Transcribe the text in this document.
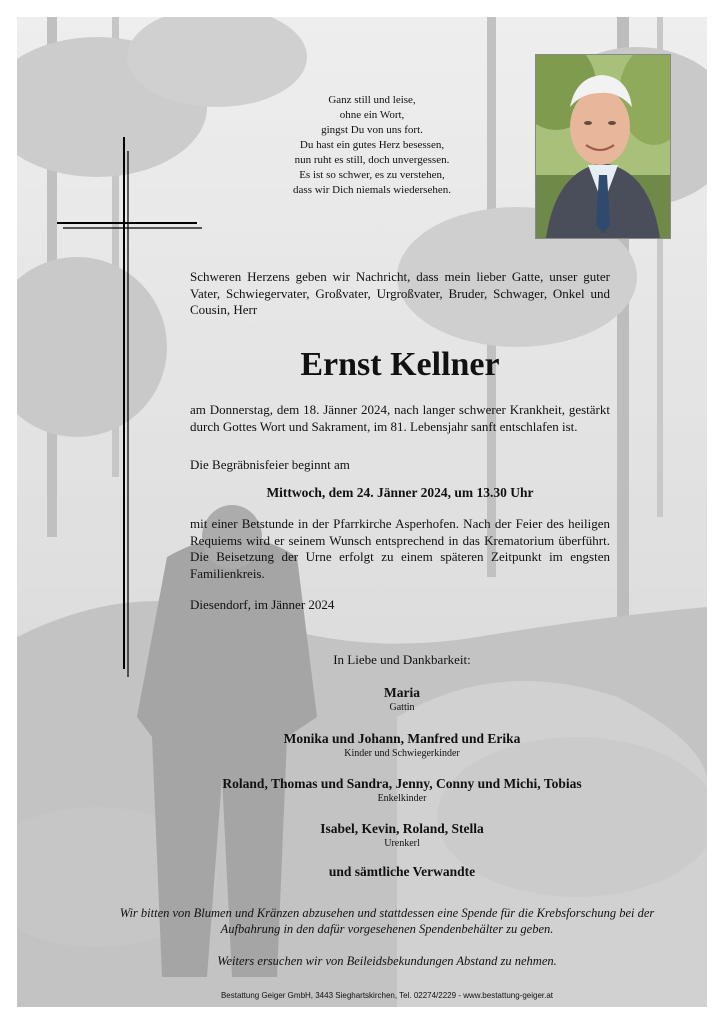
Ganz still und leise,
ohne ein Wort,
gingst Du von uns fort.
Du hast ein gutes Herz besessen,
nun ruht es still, doch unvergessen.
Es ist so schwer, es zu verstehen,
dass wir Dich niemals wiedersehen.
Schweren Herzens geben wir Nachricht, dass mein lieber Gatte, unser guter Vater, Schwiegervater, Großvater, Urgroßvater, Bruder, Schwager, Onkel und Cousin, Herr
Ernst Kellner
am Donnerstag, dem 18. Jänner 2024, nach langer schwerer Krankheit, gestärkt durch Gottes Wort und Sakrament, im 81. Lebensjahr sanft entschlafen ist.
Die Begräbnisfeier beginnt am
Mittwoch, dem 24. Jänner 2024, um 13.30 Uhr
mit einer Betstunde in der Pfarrkirche Asperhofen. Nach der Feier des heiligen Requiems wird er seinem Wunsch entsprechend in das Krematorium überführt. Die Beisetzung der Urne erfolgt zu einem späteren Zeitpunkt im engsten Familienkreis.
Diesendorf, im Jänner 2024
In Liebe und Dankbarkeit:
Maria
Gattin
Monika und Johann, Manfred und Erika
Kinder und Schwiegerkinder
Roland, Thomas und Sandra, Jenny, Conny und Michi, Tobias
Enkelkinder
Isabel, Kevin, Roland, Stella
Urenkerl
und sämtliche Verwandte
Wir bitten von Blumen und Kränzen abzusehen und stattdessen eine Spende für die Krebsforschung bei der Aufbahrung in den dafür vorgesehenen Spendenbehälter zu geben.
Weiters ersuchen wir von Beileidsbekundungen Abstand zu nehmen.
Bestattung Geiger GmbH, 3443 Sieghartskirchen, Tel. 02274/2229 - www.bestattung-geiger.at
